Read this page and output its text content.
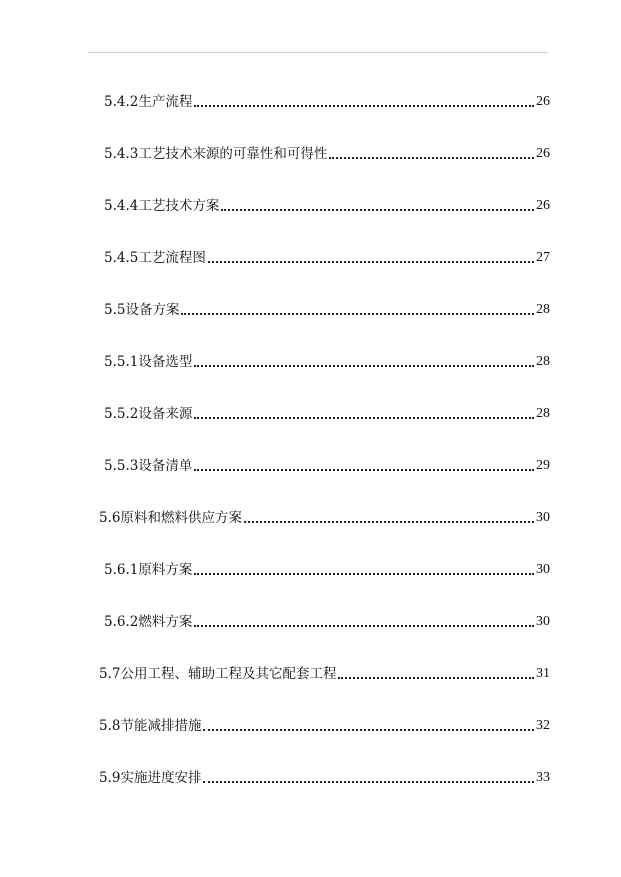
5.4.2生产流程	26
5.4.3工艺技术来源的可靠性和可得性	26
5.4.4工艺技术方案	26
5.4.5工艺流程图	27
5.5设备方案	28
5.5.1设备选型	28
5.5.2设备来源	28
5.5.3设备清单	29
5.6原料和燃料供应方案	30
5.6.1原料方案	30
5.6.2燃料方案	30
5.7公用工程、辅助工程及其它配套工程	31
5.8节能减排措施	32
5.9实施进度安排	33
